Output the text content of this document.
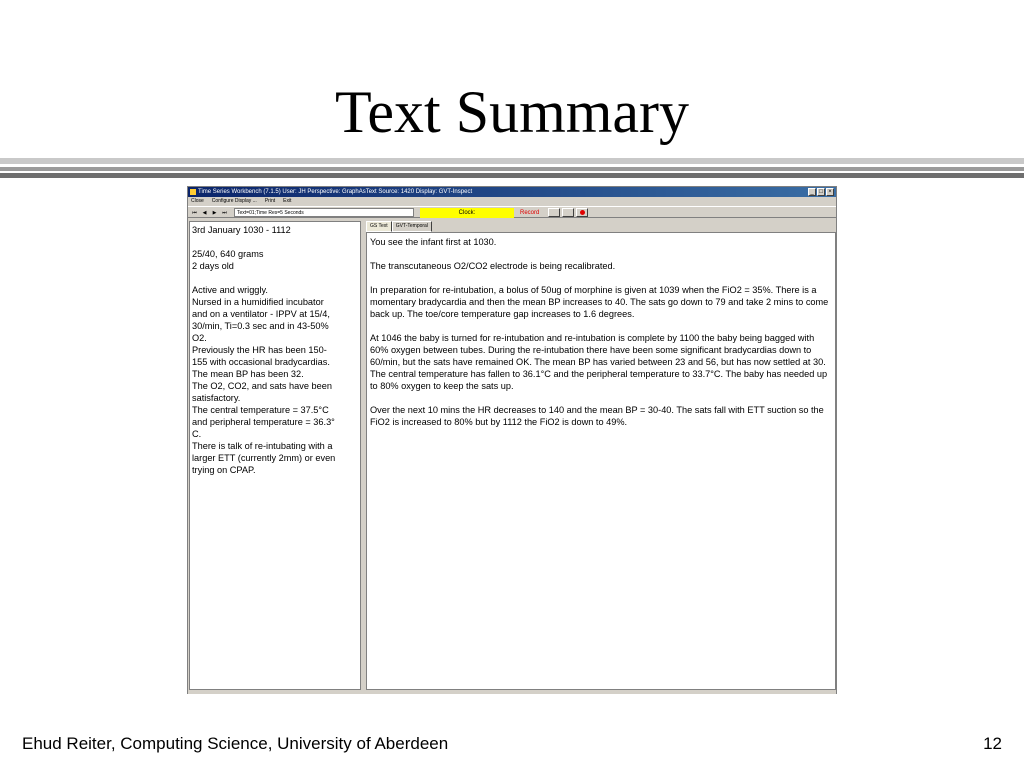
Text Summary
Time Series Workbench (7.1.5) User: JH Perspective: GraphAsText Source: 1420 Display: GVT-Inspect	_ □ ×
Close Configure Display ... Print Exit
⏮	◀	▶	⏭	Text=01;Time Res=5 Seconds	Clock:	Record
3rd January 1030 - 1112
25/40, 640 grams
2 days old
Active and wriggly.
Nursed in a humidified incubator
and on a ventilator - IPPV at 15/4,
30/min, Ti=0.3 sec and in 43-50%
O2.
Previously the HR has been 150-
155 with occasional bradycardias.
The mean BP has been 32.
The O2, CO2, and sats have been
satisfactory.
The central temperature = 37.5°C
and peripheral temperature = 36.3°
C.
There is talk of re-intubating with a
larger ETT (currently 2mm) or even
trying on CPAP.
GS Text	GVT-Temporal

You see the infant first at 1030.

The transcutaneous O2/CO2 electrode is being recalibrated.

In preparation for re-intubation, a bolus of 50ug of morphine is given at 1039 when the FiO2 = 35%. There is a momentary bradycardia and then the mean BP increases to 40. The sats go down to 79 and take 2 mins to come back up. The toe/core temperature gap increases to 1.6 degrees.

At 1046 the baby is turned for re-intubation and re-intubation is complete by 1100 the baby being bagged with 60% oxygen between tubes. During the re-intubation there have been some significant bradycardias down to 60/min, but the sats have remained OK. The mean BP has varied between 23 and 56, but has now settled at 30. The central temperature has fallen to 36.1°C and the peripheral temperature to 33.7°C. The baby has needed up to 80% oxygen to keep the sats up.

Over the next 10 mins the HR decreases to 140 and the mean BP = 30-40. The sats fall with ETT suction so the FiO2 is increased to 80% but by 1112 the FiO2 is down to 49%.

Ehud Reiter, Computing Science, University of Aberdeen	12
